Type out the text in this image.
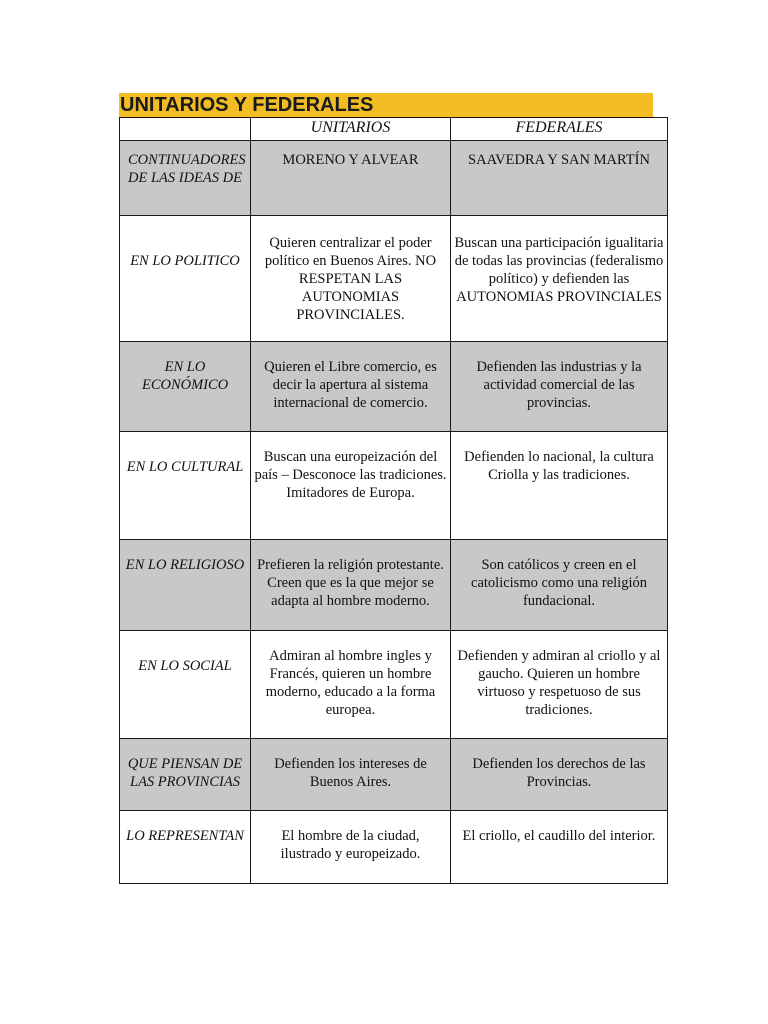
UNITARIOS Y FEDERALES
	UNITARIOS	FEDERALES

CONTINUADORES DE LAS IDEAS DE	MORENO Y ALVEAR	SAAVEDRA Y SAN MARTÍN

EN LO POLITICO	Quieren centralizar el poder político en Buenos Aires. NO RESPETAN LAS AUTONOMIAS PROVINCIALES.	Buscan una participación igualitaria de todas las provincias (federalismo político) y defienden las AUTONOMIAS PROVINCIALES

EN LO ECONÓMICO	Quieren el Libre comercio, es decir la apertura al sistema internacional de comercio.	Defienden las industrias y la actividad comercial de las provincias.

EN LO CULTURAL	Buscan una europeización del país – Desconoce las tradiciones. Imitadores de Europa.	Defienden lo nacional, la cultura Criolla y las tradiciones.

EN LO RELIGIOSO	Prefieren la religión protestante. Creen que es la que mejor se adapta al hombre moderno.	Son católicos y creen en el catolicismo como una religión fundacional.

EN LO SOCIAL	Admiran al hombre ingles y Francés, quieren un hombre moderno, educado a la forma europea.	Defienden y admiran al criollo y al gaucho. Quieren un hombre virtuoso y respetuoso de sus tradiciones.

QUE PIENSAN DE LAS PROVINCIAS	Defienden los intereses de Buenos Aires.	Defienden los derechos de las Provincias.

LO REPRESENTAN	El hombre de la ciudad, ilustrado y europeizado.	El criollo, el caudillo del interior.
